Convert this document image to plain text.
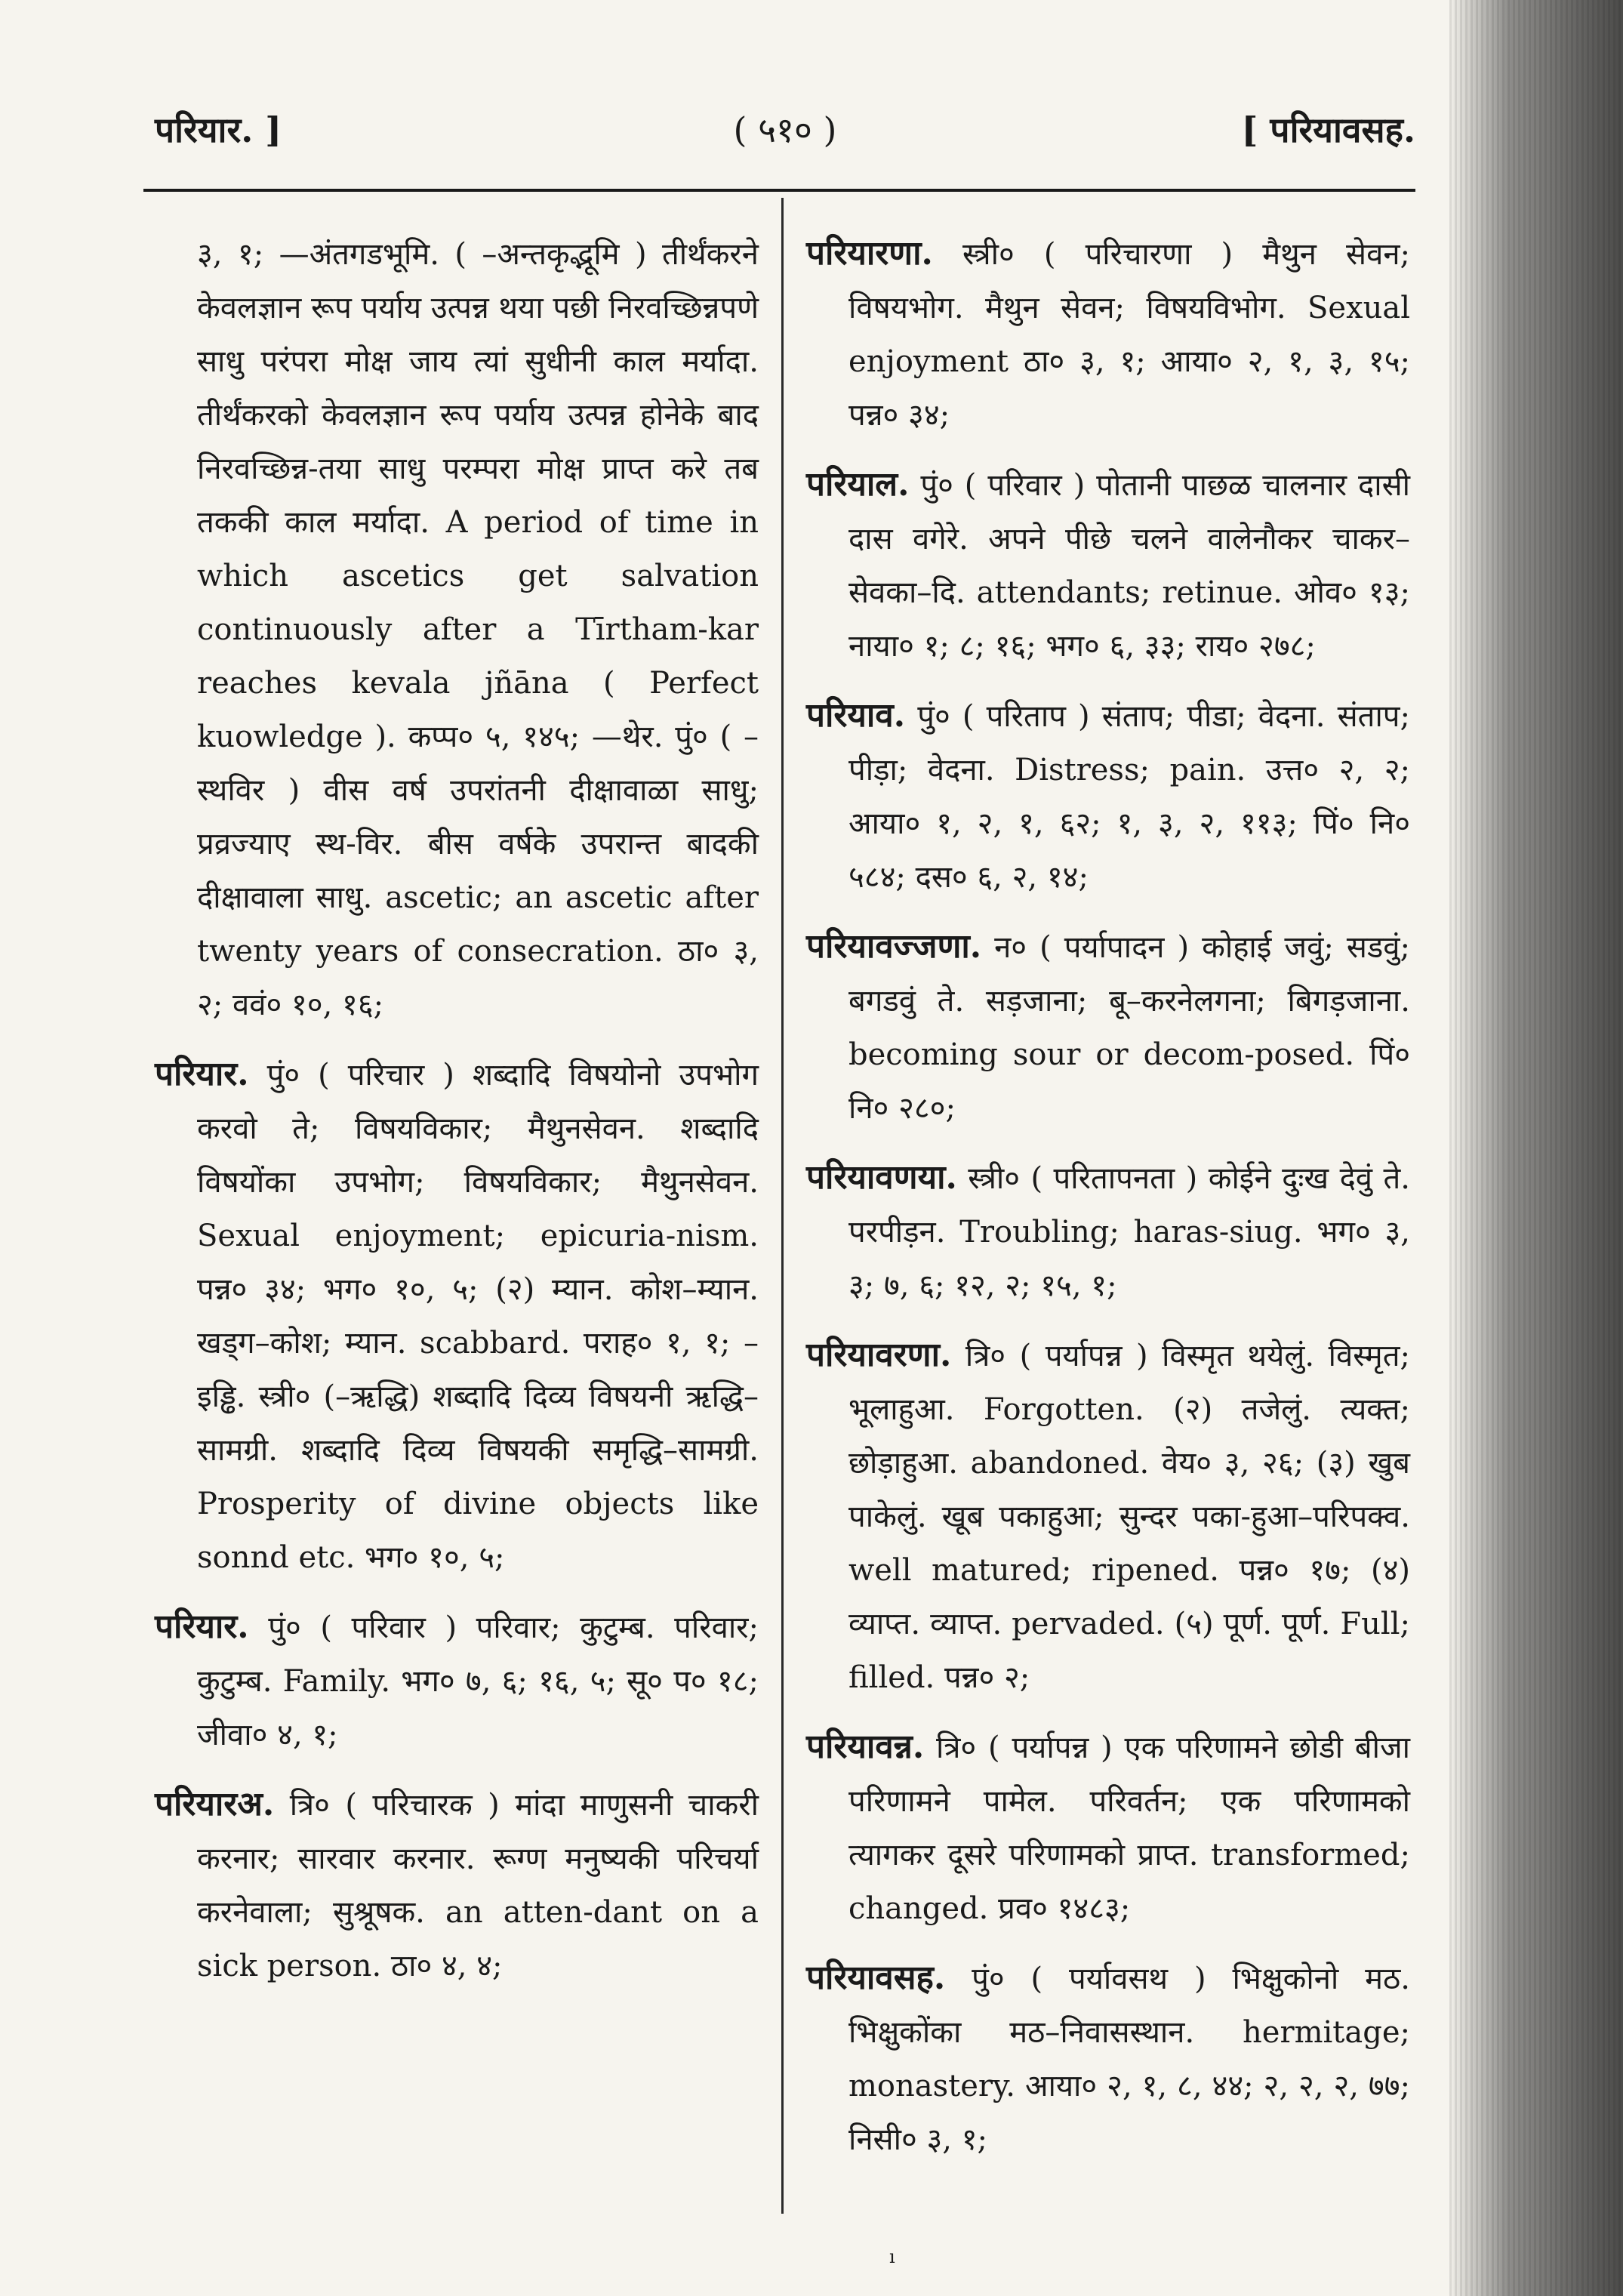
परियार. ]	( ५१० )	[ परियावसह.

३, १; —अंतगडभूमि. ( –अन्तकृद्भूमि ) तीर्थंकरने केवलज्ञान रूप पर्याय उत्पन्न थया पछी निरवच्छिन्नपणे साधु परंपरा मोक्ष जाय त्यां सुधीनी काल मर्यादा. तीर्थंकरको केवलज्ञान रूप पर्याय उत्पन्न होनेके बाद निरवच्छिन्न-तया साधु परम्परा मोक्ष प्राप्त करे तब तककी काल मर्यादा. A period of time in which ascetics get salvation continuously after a Tīrtham-kar reaches kevala jñāna ( Perfect kuowledge ). कप्प० ५, १४५; —थेर. पुं० ( –स्थविर ) वीस वर्ष उपरांतनी दीक्षावाळा साधु; प्रव्रज्याए स्थ-विर. बीस वर्षके उपरान्त बादकी दीक्षावाला साधु. ascetic; an ascetic after twenty years of consecration. ठा० ३, २; ववं० १०, १६;

परियार. पुं० ( परिचार ) शब्दादि विषयोनो उपभोग करवो ते; विषयविकार; मैथुनसेवन. शब्दादि विषयोंका उपभोग; विषयविकार; मैथुनसेवन. Sexual enjoyment; epicuria-nism. पन्न० ३४; भग० १०, ५; (२) म्यान. कोश–म्यान. खड्ग–कोश; म्यान. scabbard. पराह० १, १; –इड्ढि. स्त्री० (–ऋद्धि) शब्दादि दिव्य विषयनी ऋद्धि–सामग्री. शब्दादि दिव्य विषयकी समृद्धि–सामग्री. Prosperity of divine objects like sonnd etc. भग० १०, ५;

परियार. पुं० ( परिवार ) परिवार; कुटुम्ब. परिवार; कुटुम्ब. Family. भग० ७, ६; १६, ५; सू० प० १८; जीवा० ४, १;

परियारअ. त्रि० ( परिचारक ) मांदा माणुसनी चाकरी करनार; सारवार करनार. रूग्ण मनुष्यकी परिचर्या करनेवाला; सुश्रूषक. an atten-dant on a sick person. ठा० ४, ४;

परियारणा. स्त्री० ( परिचारणा ) मैथुन सेवन; विषयभोग. मैथुन सेवन; विषयविभोग. Sexual enjoyment ठा० ३, १; आया० २, १, ३, १५; पन्न० ३४;

परियाल. पुं० ( परिवार ) पोतानी पाछळ चालनार दासी दास वगेरे. अपने पीछे चलने वालेनौकर चाकर–सेवका–दि. attendants; retinue. ओव० १३; नाया० १; ८; १६; भग० ६, ३३; राय० २७८;

परियाव. पुं० ( परिताप ) संताप; पीडा; वेदना. संताप; पीड़ा; वेदना. Distress; pain. उत्त० २, २; आया० १, २, १, ६२; १, ३, २, ११३; पिं० नि० ५८४; दस० ६, २, १४;

परियावज्जणा. न० ( पर्यापादन ) कोहाई जवुं; सडवुं; बगडवुं ते. सड़जाना; बू–करनेलगना; बिगड़जाना. becoming sour or decom-posed. पिं० नि० २८०;

परियावणया. स्त्री० ( परितापनता ) कोईने दुःख देवुं ते. परपीड़न. Troubling; haras-siug. भग० ३, ३; ७, ६; १२, २; १५, १;

परियावरणा. त्रि० ( पर्यापन्न ) विस्मृत थयेलुं. विस्मृत; भूलाहुआ. Forgotten. (२) तजेलुं. त्यक्त; छोड़ाहुआ. abandoned. वेय० ३, २६; (३) खुब पाकेलुं. खूब पकाहुआ; सुन्दर पका-हुआ–परिपक्व. well matured; ripened. पन्न० १७; (४) व्याप्त. व्याप्त. pervaded. (५) पूर्ण. पूर्ण. Full; filled. पन्न० २;

परियावन्न. त्रि० ( पर्यापन्न ) एक परिणामने छोडी बीजा परिणामने पामेल. परिवर्तन; एक परिणामको त्यागकर दूसरे परिणामको प्राप्त. transformed; changed. प्रव० १४८३;

परियावसह. पुं० ( पर्यावसथ ) भिक्षुकोनो मठ. भिक्षुकोंका मठ–निवासस्थान. hermitage; monastery. आया० २, १, ८, ४४; २, २, २, ७७; निसी० ३, १;

ı
